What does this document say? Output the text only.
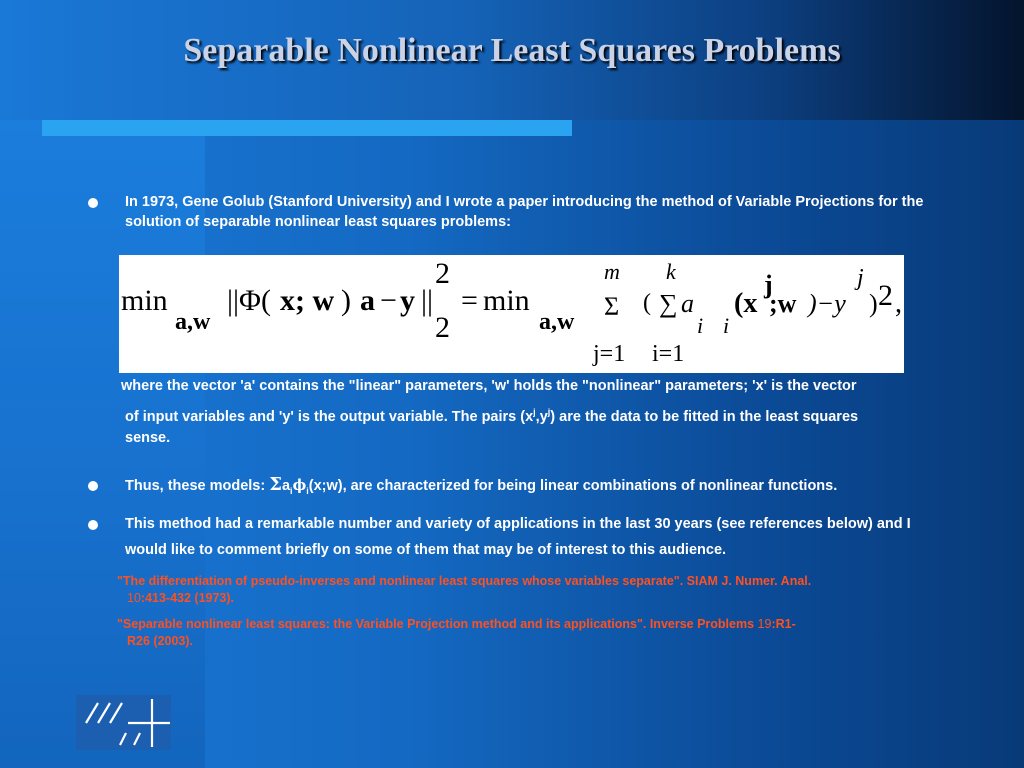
Separable Nonlinear Least Squares Problems
In 1973, Gene Golub (Stanford University) and I wrote a paper introducing the method of Variable Projections for the solution of separable nonlinear least squares problems:
min
a,w
||Φ( x; w ) a − y ||
2
2
= min
a,w
m
Σ
j=1
(
k
∑
i=1
a
i i
(x
j
;w )−y
j
) 2 ,
where the vector 'a' contains the "linear" parameters, 'w' holds the "nonlinear" parameters; 'x' is the vector
of input variables and 'y' is the output variable. The pairs $(x^j,y^j)$ are the data to be fitted in the least squares
sense.
Thus, these models: $\Sigma a_i\phi_i(x;w)$, are characterized for being linear combinations of nonlinear functions.
This method had a remarkable number and variety of applications in the last 30 years (see references below) and I would like to comment briefly on some of them that may be of interest to this audience.
"The differentiation of pseudo-inverses and nonlinear least squares whose variables separate". SIAM J. Numer. Anal.
10:413-432 (1973).
"Separable nonlinear least squares: the Variable Projection method and its applications". Inverse Problems 19:R1-
R26 (2003).
